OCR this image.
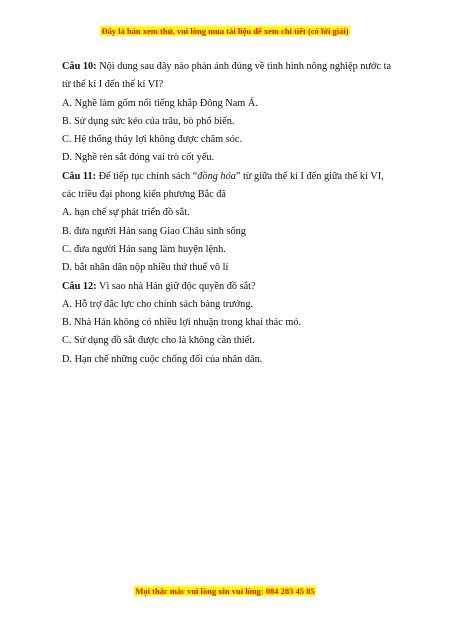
Đây là bản xem thử, vui lòng mua tài liệu để xem chi tiết (có lời giải)
Câu 10: Nội dung sau đây nào phản ánh đúng về tình hình nông nghiệp nước ta
từ thế kỉ I đến thế kỉ VI?
A. Nghề làm gốm nổi tiếng khắp Đông Nam Á.
B. Sử dụng sức kéo của trâu, bò phổ biến.
C. Hệ thống thủy lợi không được chăm sóc.
D. Nghề rèn sắt đóng vai trò cốt yếu.
Câu 11: Để tiếp tục chính sách “đồng hóa” từ giữa thế kỉ I đến giữa thế kỉ VI,
các triều đại phong kiến phương Bắc đã
A. hạn chế sự phát triển đồ sắt.
B. đưa người Hán sang Giao Châu sinh sống
C. đưa người Hán sang làm huyện lệnh.
D. bắt nhân dân nộp nhiều thứ thuế vô lí
Câu 12: Vì sao nhà Hán giữ độc quyền đồ sắt?
A. Hỗ trợ đắc lực cho chính sách bàng trướng.
B. Nhà Hán không có nhiều lợi nhuận trong khai thác mỏ.
C. Sử dụng đồ sắt được cho là không cần thiết.
D. Hạn chế những cuộc chống đối của nhân dân.
Mọi thắc mắc vui lòng xin vui lòng: 084 283 45 85
